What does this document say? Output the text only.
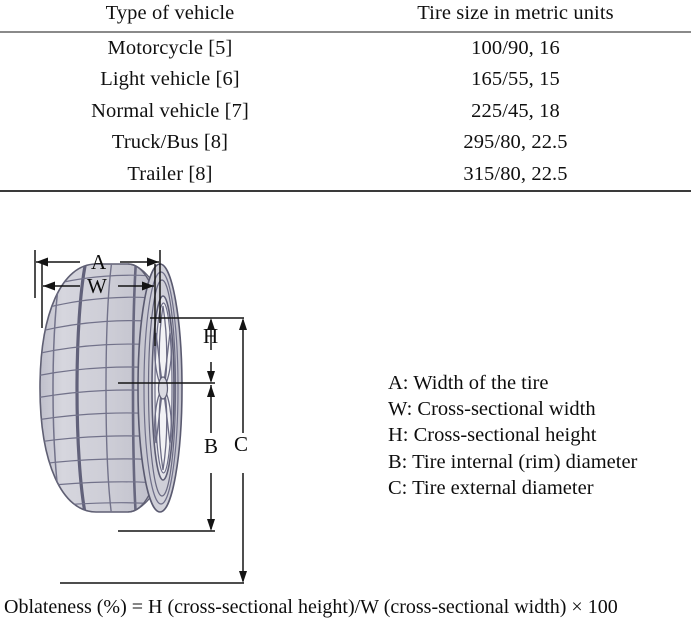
Type of vehicle	Tire size in metric units
Motorcycle [5]	100/90, 16
Light vehicle [6]	165/55, 15
Normal vehicle [7]	225/45, 18
Truck/Bus [8]	295/80, 22.5
Trailer [8]	315/80, 22.5
A
W
H
B C
A: Width of the tire
W: Cross-sectional width
H: Cross-sectional height
B: Tire internal (rim) diameter
C: Tire external diameter
Oblateness (%) = H (cross-sectional height)/W (cross-sectional width) × 100
